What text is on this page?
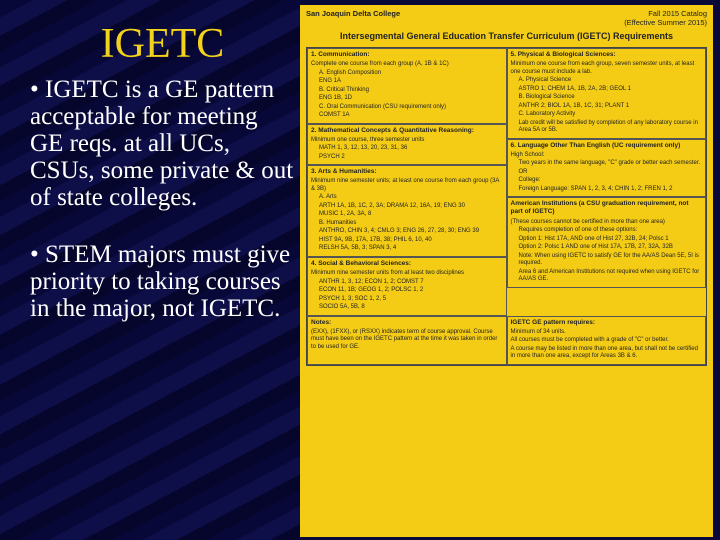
IGETC

• IGETC is a GE pattern acceptable for meeting GE reqs. at all UCs, CSUs, some private & out of state colleges.

• STEM majors must give priority to taking courses in the major, not IGETC.

San Joaquin Delta College	Fall 2015 Catalog
(Effective Summer 2015)
Intersegmental General Education Transfer Curriculum (IGETC) Requirements
1. Communication:

Complete one course from each group (A, 1B & 1C)

A. English Composition

ENG 1A

B. Critical Thinking

ENG 1B, 1D

C. Oral Communication (CSU requirement only)

COMST 1A

2. Mathematical Concepts & Quantitative Reasoning:

Minimum one course, three semester units

MATH 1, 3, 12, 13, 20, 23, 31, 36

PSYCH 2

3. Arts & Humanities:

Minimum nine semester units; at least one course from each group (3A & 3B)

A. Arts

ARTH 1A, 1B, 1C, 2, 3A; DRAMA 12, 16A, 19; ENG 30

MUSIC 1, 2A, 3A, 8

B. Humanities

ANTHRO, CHIN 3, 4; CMLG 3; ENG 26, 27, 28, 30; ENG 39

HIST 9A, 9B, 17A, 17B, 38; PHIL 6, 10, 40

RELSH 5A, 5B, 3; SPAN 3, 4

4. Social & Behavioral Sciences:

Minimum nine semester units from at least two disciplines

ANTHR 1, 3, 12; ECON 1, 2; COMST 7

ECON 11, 1B; GEOG 1, 2; POLSC 1, 2

PSYCH 1, 3; SOC 1, 2, 5

SOCIO 5A, 5B, 8

5. Physical & Biological Sciences:

Minimum one course from each group, seven semester units, at least one course must include a lab.

A. Physical Science

ASTRO 1; CHEM 1A, 1B, 2A, 2B; GEOL 1

B. Biological Science

ANTHR 2; BIOL 1A, 1B, 1C, 31; PLANT 1

C. Laboratory Activity

Lab credit will be satisfied by completion of any laboratory course in Area 5A or 5B.

6. Language Other Than English (UC requirement only)

High School:

Two years in the same language, "C" grade or better each semester.

OR

College:

Foreign Language: SPAN 1, 2, 3, 4; CHIN 1, 2; FREN 1, 2

American Institutions (a CSU graduation requirement, not part of IGETC)

(These courses cannot be certified in more than one area)

Requires completion of one of these options:

Option 1: Hist 17A, AND one of Hist 27, 32B, 24; Polsc 1

Option 2: Polsc 1 AND one of Hist 17A, 17B, 27, 32A, 32B

Note: When using IGETC to satisfy GE for the AA/AS Dean 5E, 5I is required.

Area 6 and American Institutions not required when using IGETC for AA/AS GE.

Notes:

(EXX), (1FXX), or (RSXX) indicates term of course approval. Course must have been on the IGETC pattern at the time it was taken in order to be used for GE.

IGETC GE pattern requires:

Minimum of 34 units.

All courses must be completed with a grade of "C" or better.

A course may be listed in more than one area, but shall not be certified in more than one area, except for Areas 3B & 6.
